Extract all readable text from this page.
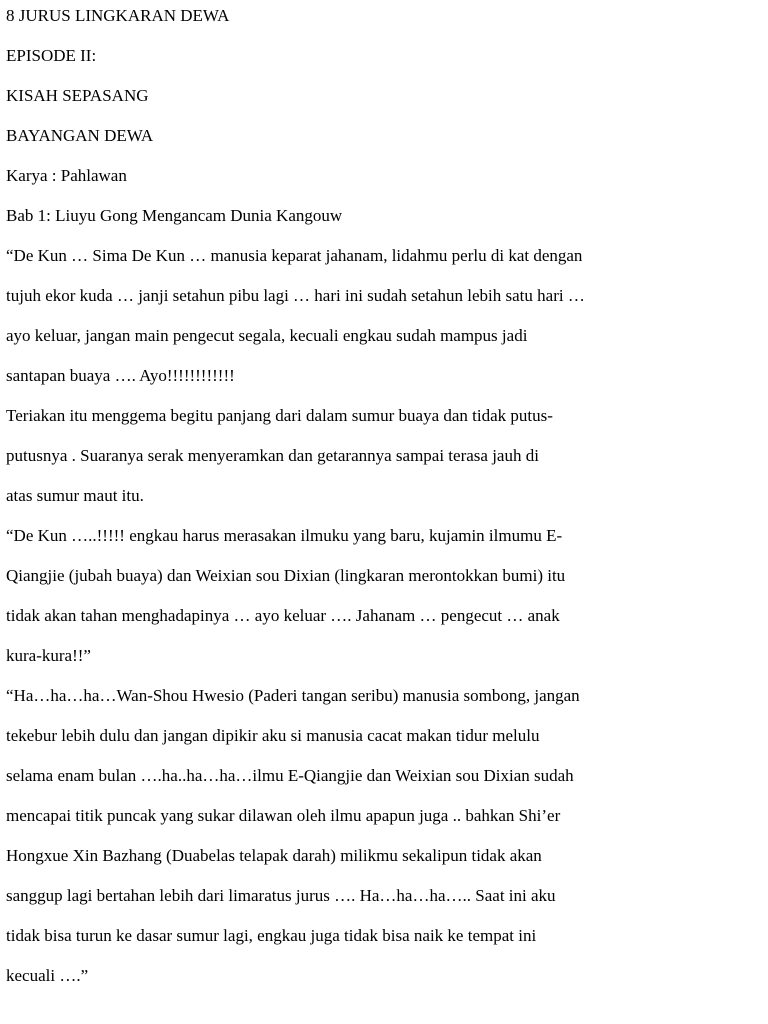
8 JURUS LINGKARAN DEWA
EPISODE II:
KISAH SEPASANG
BAYANGAN DEWA
Karya : Pahlawan
Bab 1: Liuyu Gong Mengancam Dunia Kangouw
“De Kun … Sima De Kun … manusia keparat jahanam, lidahmu perlu di kat dengan
tujuh ekor kuda … janji setahun pibu lagi … hari ini sudah setahun lebih satu hari …
ayo keluar, jangan main pengecut segala, kecuali engkau sudah mampus jadi
santapan buaya …. Ayo!!!!!!!!!!!!
Teriakan itu menggema begitu panjang dari dalam sumur buaya dan tidak putus-
putusnya . Suaranya serak menyeramkan dan getarannya sampai terasa jauh di
atas sumur maut itu.
“De Kun …..!!!!! engkau harus merasakan ilmuku yang baru, kujamin ilmumu E-
Qiangjie (jubah buaya) dan Weixian sou Dixian (lingkaran merontokkan bumi) itu
tidak akan tahan menghadapinya … ayo keluar …. Jahanam … pengecut … anak
kura-kura!!”
“Ha…ha…ha…Wan-Shou Hwesio (Paderi tangan seribu) manusia sombong, jangan
tekebur lebih dulu dan jangan dipikir aku si manusia cacat makan tidur melulu
selama enam bulan ….ha..ha…ha…ilmu E-Qiangjie dan Weixian sou Dixian sudah
mencapai titik puncak yang sukar dilawan oleh ilmu apapun juga .. bahkan Shi’er
Hongxue Xin Bazhang (Duabelas telapak darah) milikmu sekalipun tidak akan
sanggup lagi bertahan lebih dari limaratus jurus …. Ha…ha…ha….. Saat ini aku
tidak bisa turun ke dasar sumur lagi, engkau juga tidak bisa naik ke tempat ini
kecuali ….”
